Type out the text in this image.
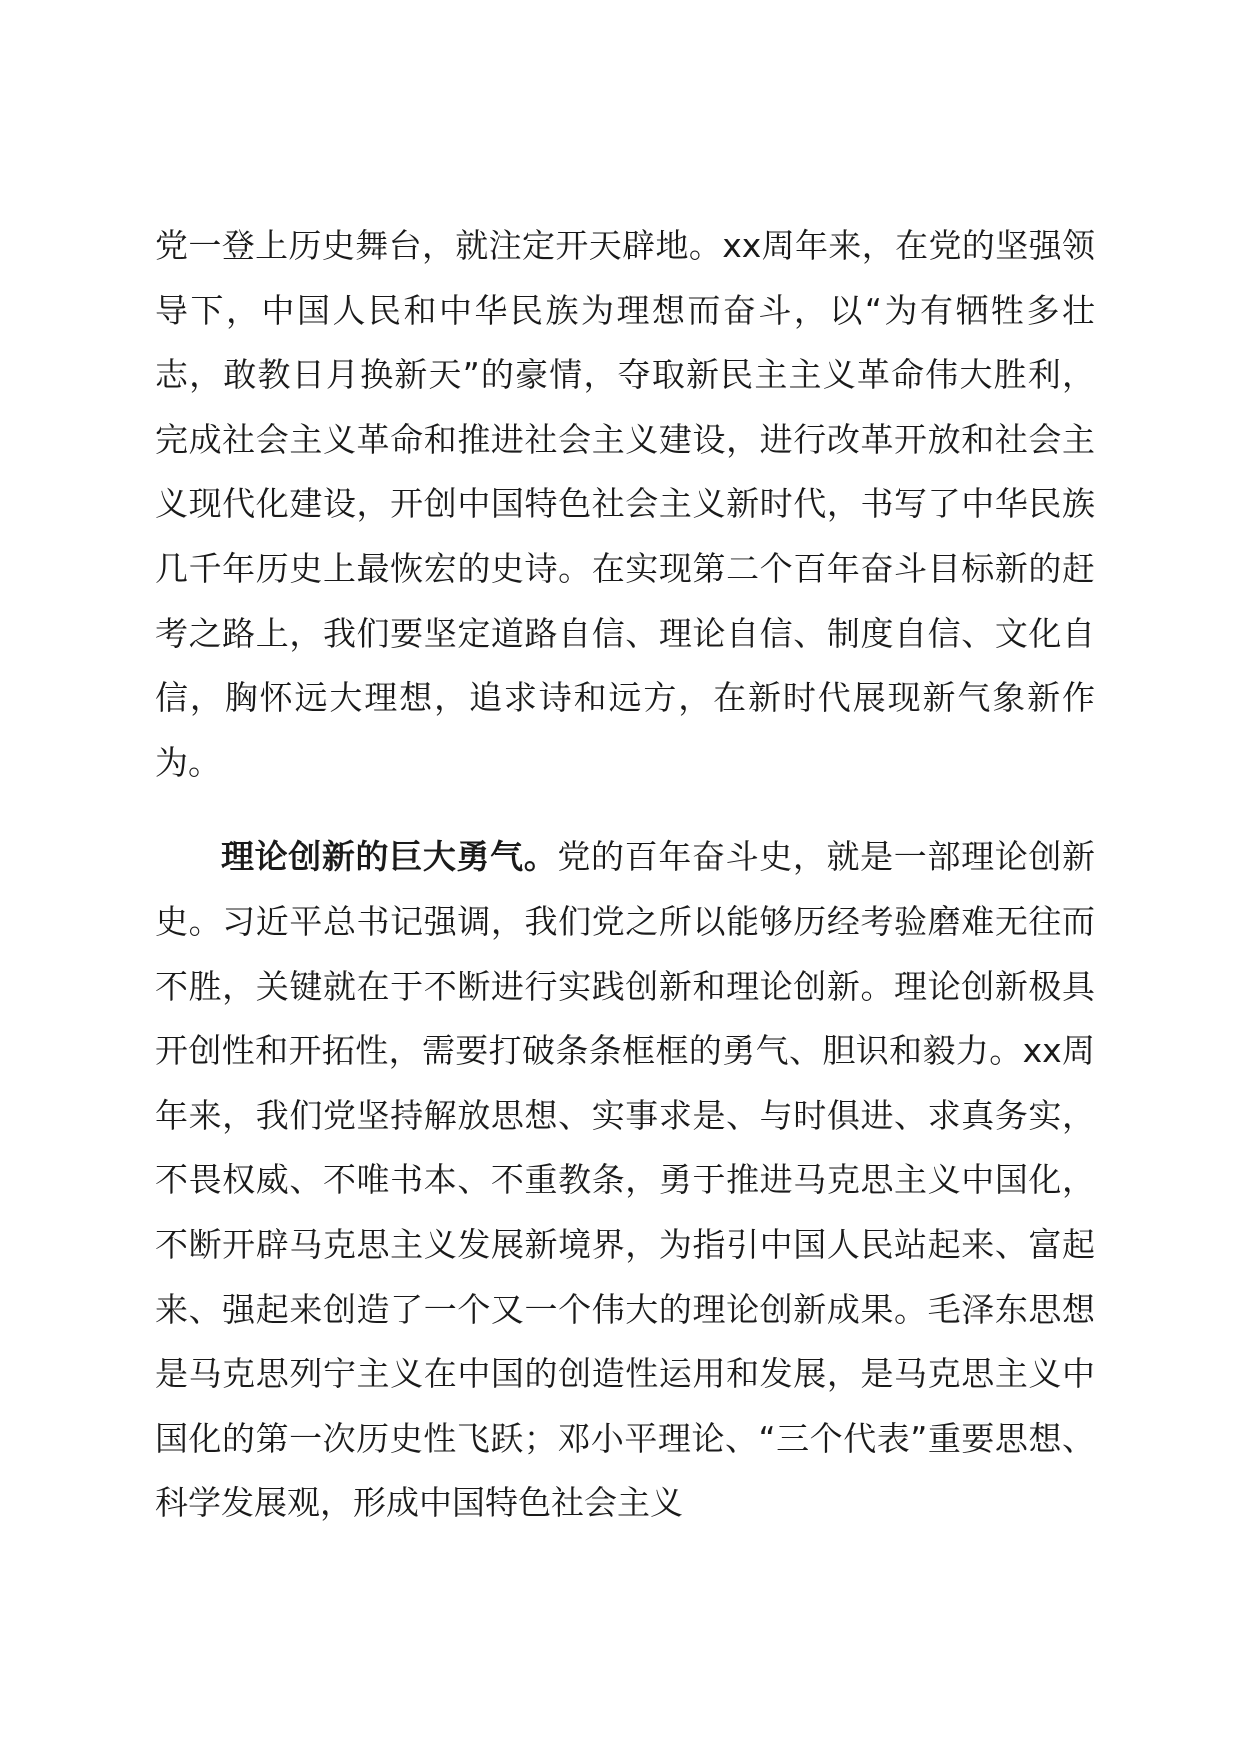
党一登上历史舞台，就注定开天辟地。xx周年来，在党的坚强领导下，中国人民和中华民族为理想而奋斗，以“为有牺牲多壮志，敢教日月换新天”的豪情，夺取新民主主义革命伟大胜利，完成社会主义革命和推进社会主义建设，进行改革开放和社会主义现代化建设，开创中国特色社会主义新时代，书写了中华民族几千年历史上最恢宏的史诗。在实现第二个百年奋斗目标新的赶考之路上，我们要坚定道路自信、理论自信、制度自信、文化自信，胸怀远大理想，追求诗和远方，在新时代展现新气象新作为。

理论创新的巨大勇气。党的百年奋斗史，就是一部理论创新史。习近平总书记强调，我们党之所以能够历经考验磨难无往而不胜，关键就在于不断进行实践创新和理论创新。理论创新极具开创性和开拓性，需要打破条条框框的勇气、胆识和毅力。xx周年来，我们党坚持解放思想、实事求是、与时俱进、求真务实，不畏权威、不唯书本、不重教条，勇于推进马克思主义中国化，不断开辟马克思主义发展新境界，为指引中国人民站起来、富起来、强起来创造了一个又一个伟大的理论创新成果。毛泽东思想是马克思列宁主义在中国的创造性运用和发展，是马克思主义中国化的第一次历史性飞跃；邓小平理论、“三个代表”重要思想、科学发展观，形成中国特色社会主义
